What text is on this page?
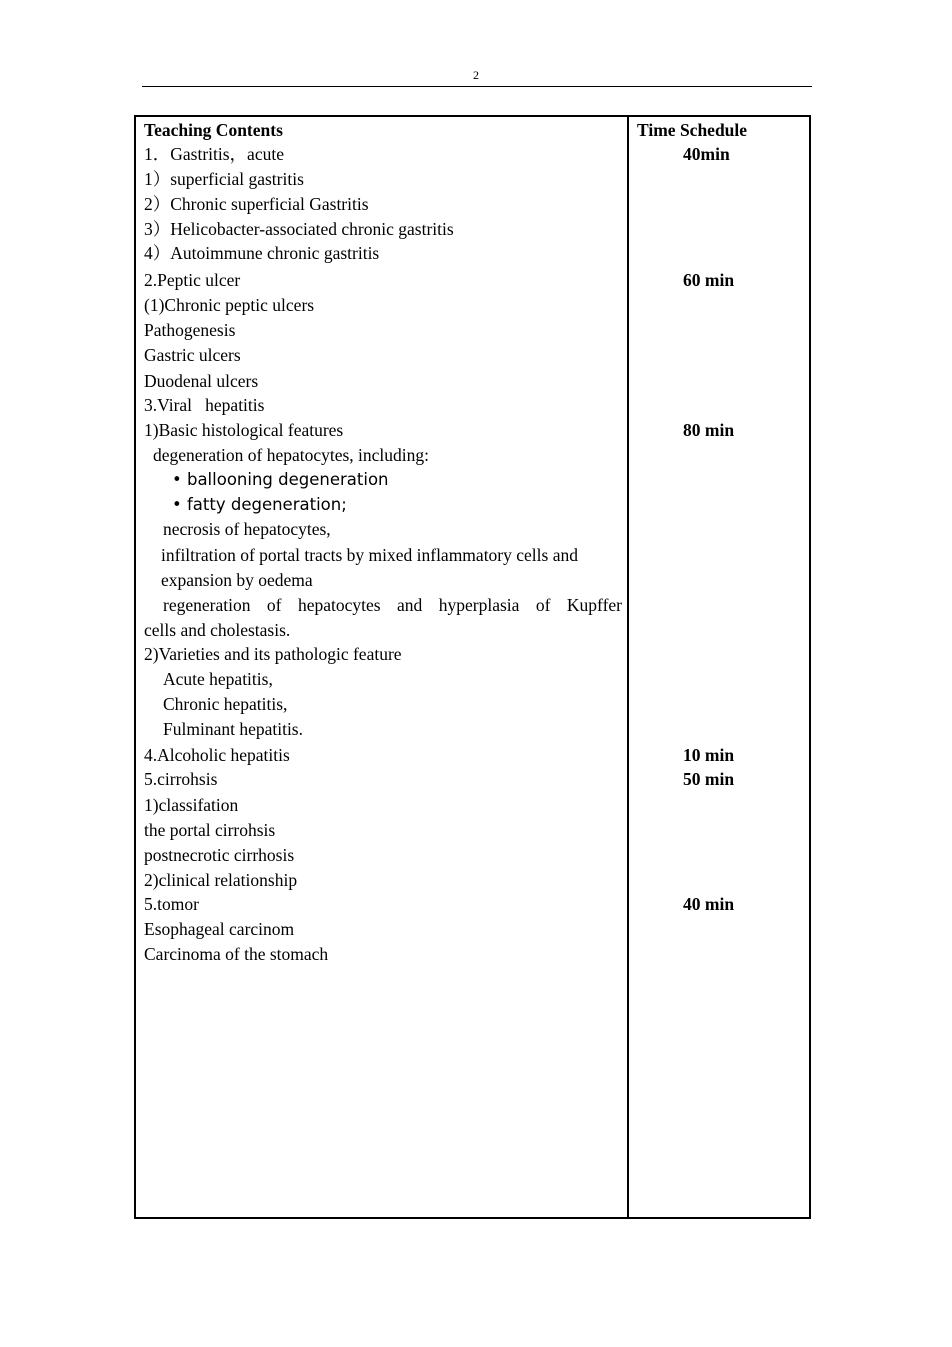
2
Teaching Contents
1．Gastritis，acute
1）superficial gastritis
2）Chronic superficial Gastritis
3）Helicobacter-associated chronic gastritis
4）Autoimmune chronic gastritis
2.Peptic ulcer
(1)Chronic peptic ulcers
Pathogenesis
Gastric ulcers
Duodenal ulcers
3.Viral   hepatitis
1)Basic histological features
degeneration of hepatocytes, including:
• ballooning degeneration
• fatty degeneration;
necrosis of hepatocytes,
infiltration of portal tracts by mixed inflammatory cells and
expansion by oedema
regeneration of hepatocytes and hyperplasia of Kupffer
cells and cholestasis.
2)Varieties and its pathologic feature
Acute hepatitis,
Chronic hepatitis,
Fulminant hepatitis.
4.Alcoholic hepatitis
5.cirrohsis
1)classifation
the portal cirrohsis
postnecrotic cirrhosis
2)clinical relationship
5.tomor
Esophageal carcinom
Carcinoma of the stomach
Time Schedule
40min
60 min
80 min
10 min
50 min
40 min
